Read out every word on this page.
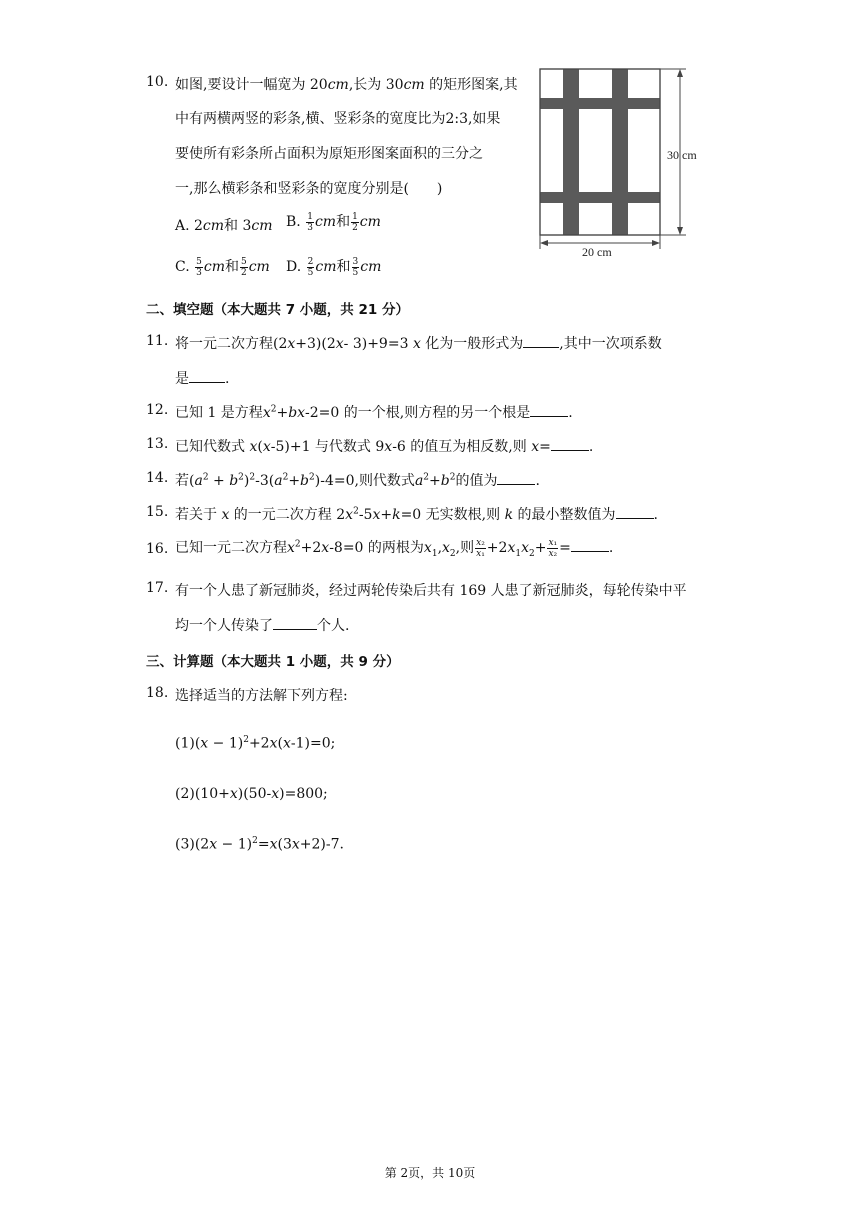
10. 如图,要设计一幅宽为 20cm,长为 30cm 的矩形图案,其
中有两横两竖的彩条,横、竖彩条的宽度比为2:3,如果
要使所有彩条所占面积为原矩形图案面积的三分之
一,那么横彩条和竖彩条的宽度分别是(　　)
A. 2cm和 3cm B. $\frac{1}{3}$ cm和 $\frac{1}{2}$ cm
C. $\frac{5}{3}$ cm和 $\frac{5}{2}$ cm D. $\frac{2}{5}$ cm和 $\frac{3}{5}$ cm
30 cm
20 cm
二、填空题（本大题共 7 小题，共 21 分）
11. 将一元二次方程(2x+3)(2x- 3)+9=3 x 化为一般形式为	,其中一次项系数
是	.
12. 已知 1 是方程$x^2+bx-2=0$ 的一个根,则方程的另一个根是	.
13. 已知代数式 x(x-5)+1 与代数式 9x-6 的值互为相反数,则 x=	.
14. 若$(a^2 + b^2)^2-3(a^2+b^2)-4=0$,则代数式$a^2+b^2$的值为	.
15. 若关于 x 的一元二次方程 $2x^2-5x+k=0$ 无实数根,则 k 的最小整数值为	.
16. 已知一元二次方程$x^2+2x-8=0$ 的两根为$x_1,x_2$,则 $\frac{\text{x₂}}{\text{x₁}} +2x_1x_2+ \frac{\text{x₁}}{\text{x₂}}$ =	.
17. 有一个人患了新冠肺炎，经过两轮传染后共有 169 人患了新冠肺炎，每轮传染中平
均一个人传染了	个人.
三、计算题（本大题共 1 小题，共 9 分）
18. 选择适当的方法解下列方程:
$(1)(x - 1)^2+2x(x-1)=0$;
(2)(10+x)(50-x)=800;
$(3)(2x - 1)^2=x(3x+2)-7$.
第 2页，共 10页
